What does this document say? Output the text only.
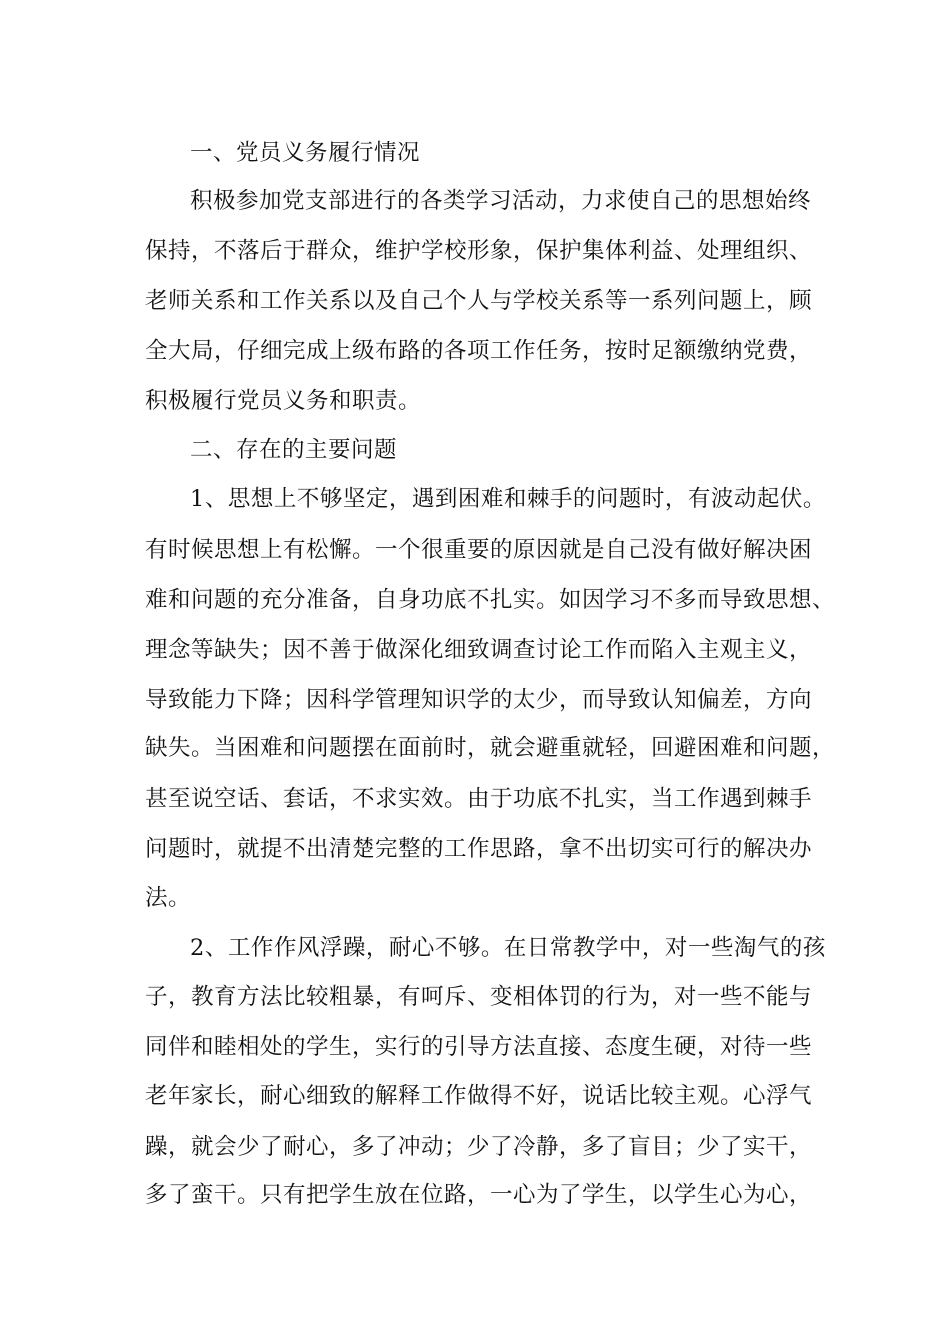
一、党员义务履行情况
积极参加党支部进行的各类学习活动，力求使自己的思想始终
保持，不落后于群众，维护学校形象，保护集体利益、处理组织、
老师关系和工作关系以及自己个人与学校关系等一系列问题上，顾
全大局，仔细完成上级布路的各项工作任务，按时足额缴纳党费，
积极履行党员义务和职责。
二、存在的主要问题
1、思想上不够坚定，遇到困难和棘手的问题时，有波动起伏。
有时候思想上有松懈。一个很重要的原因就是自己没有做好解决困
难和问题的充分准备，自身功底不扎实。如因学习不多而导致思想、
理念等缺失；因不善于做深化细致调查讨论工作而陷入主观主义，
导致能力下降；因科学管理知识学的太少，而导致认知偏差，方向
缺失。当困难和问题摆在面前时，就会避重就轻，回避困难和问题，
甚至说空话、套话，不求实效。由于功底不扎实，当工作遇到棘手
问题时，就提不出清楚完整的工作思路，拿不出切实可行的解决办
法。
2、工作作风浮躁，耐心不够。在日常教学中，对一些淘气的孩
子，教育方法比较粗暴，有呵斥、变相体罚的行为，对一些不能与
同伴和睦相处的学生，实行的引导方法直接、态度生硬，对待一些
老年家长，耐心细致的解释工作做得不好，说话比较主观。心浮气
躁，就会少了耐心，多了冲动；少了冷静，多了盲目；少了实干，
多了蛮干。只有把学生放在位路，一心为了学生，以学生心为心，
